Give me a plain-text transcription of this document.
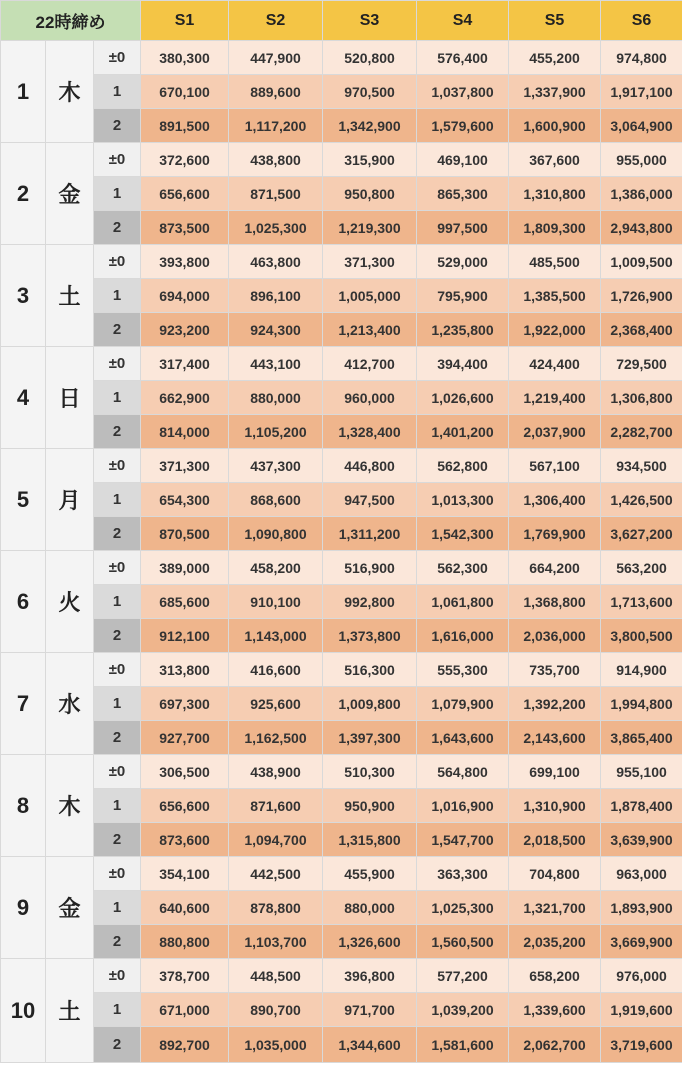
22時締め			S1	S2	S3	S4	S5	S6
1	木	±0	380,300	447,900	520,800	576,400	455,200	974,800
		1	670,100	889,600	970,500	1,037,800	1,337,900	1,917,100
		2	891,500	1,117,200	1,342,900	1,579,600	1,600,900	3,064,900
2	金	±0	372,600	438,800	315,900	469,100	367,600	955,000
		1	656,600	871,500	950,800	865,300	1,310,800	1,386,000
		2	873,500	1,025,300	1,219,300	997,500	1,809,300	2,943,800
3	土	±0	393,800	463,800	371,300	529,000	485,500	1,009,500
		1	694,000	896,100	1,005,000	795,900	1,385,500	1,726,900
		2	923,200	924,300	1,213,400	1,235,800	1,922,000	2,368,400
4	日	±0	317,400	443,100	412,700	394,400	424,400	729,500
		1	662,900	880,000	960,000	1,026,600	1,219,400	1,306,800
		2	814,000	1,105,200	1,328,400	1,401,200	2,037,900	2,282,700
5	月	±0	371,300	437,300	446,800	562,800	567,100	934,500
		1	654,300	868,600	947,500	1,013,300	1,306,400	1,426,500
		2	870,500	1,090,800	1,311,200	1,542,300	1,769,900	3,627,200
6	火	±0	389,000	458,200	516,900	562,300	664,200	563,200
		1	685,600	910,100	992,800	1,061,800	1,368,800	1,713,600
		2	912,100	1,143,000	1,373,800	1,616,000	2,036,000	3,800,500
7	水	±0	313,800	416,600	516,300	555,300	735,700	914,900
		1	697,300	925,600	1,009,800	1,079,900	1,392,200	1,994,800
		2	927,700	1,162,500	1,397,300	1,643,600	2,143,600	3,865,400
8	木	±0	306,500	438,900	510,300	564,800	699,100	955,100
		1	656,600	871,600	950,900	1,016,900	1,310,900	1,878,400
		2	873,600	1,094,700	1,315,800	1,547,700	2,018,500	3,639,900
9	金	±0	354,100	442,500	455,900	363,300	704,800	963,000
		1	640,600	878,800	880,000	1,025,300	1,321,700	1,893,900
		2	880,800	1,103,700	1,326,600	1,560,500	2,035,200	3,669,900
10	土	±0	378,700	448,500	396,800	577,200	658,200	976,000
		1	671,000	890,700	971,700	1,039,200	1,339,600	1,919,600
		2	892,700	1,035,000	1,344,600	1,581,600	2,062,700	3,719,600
